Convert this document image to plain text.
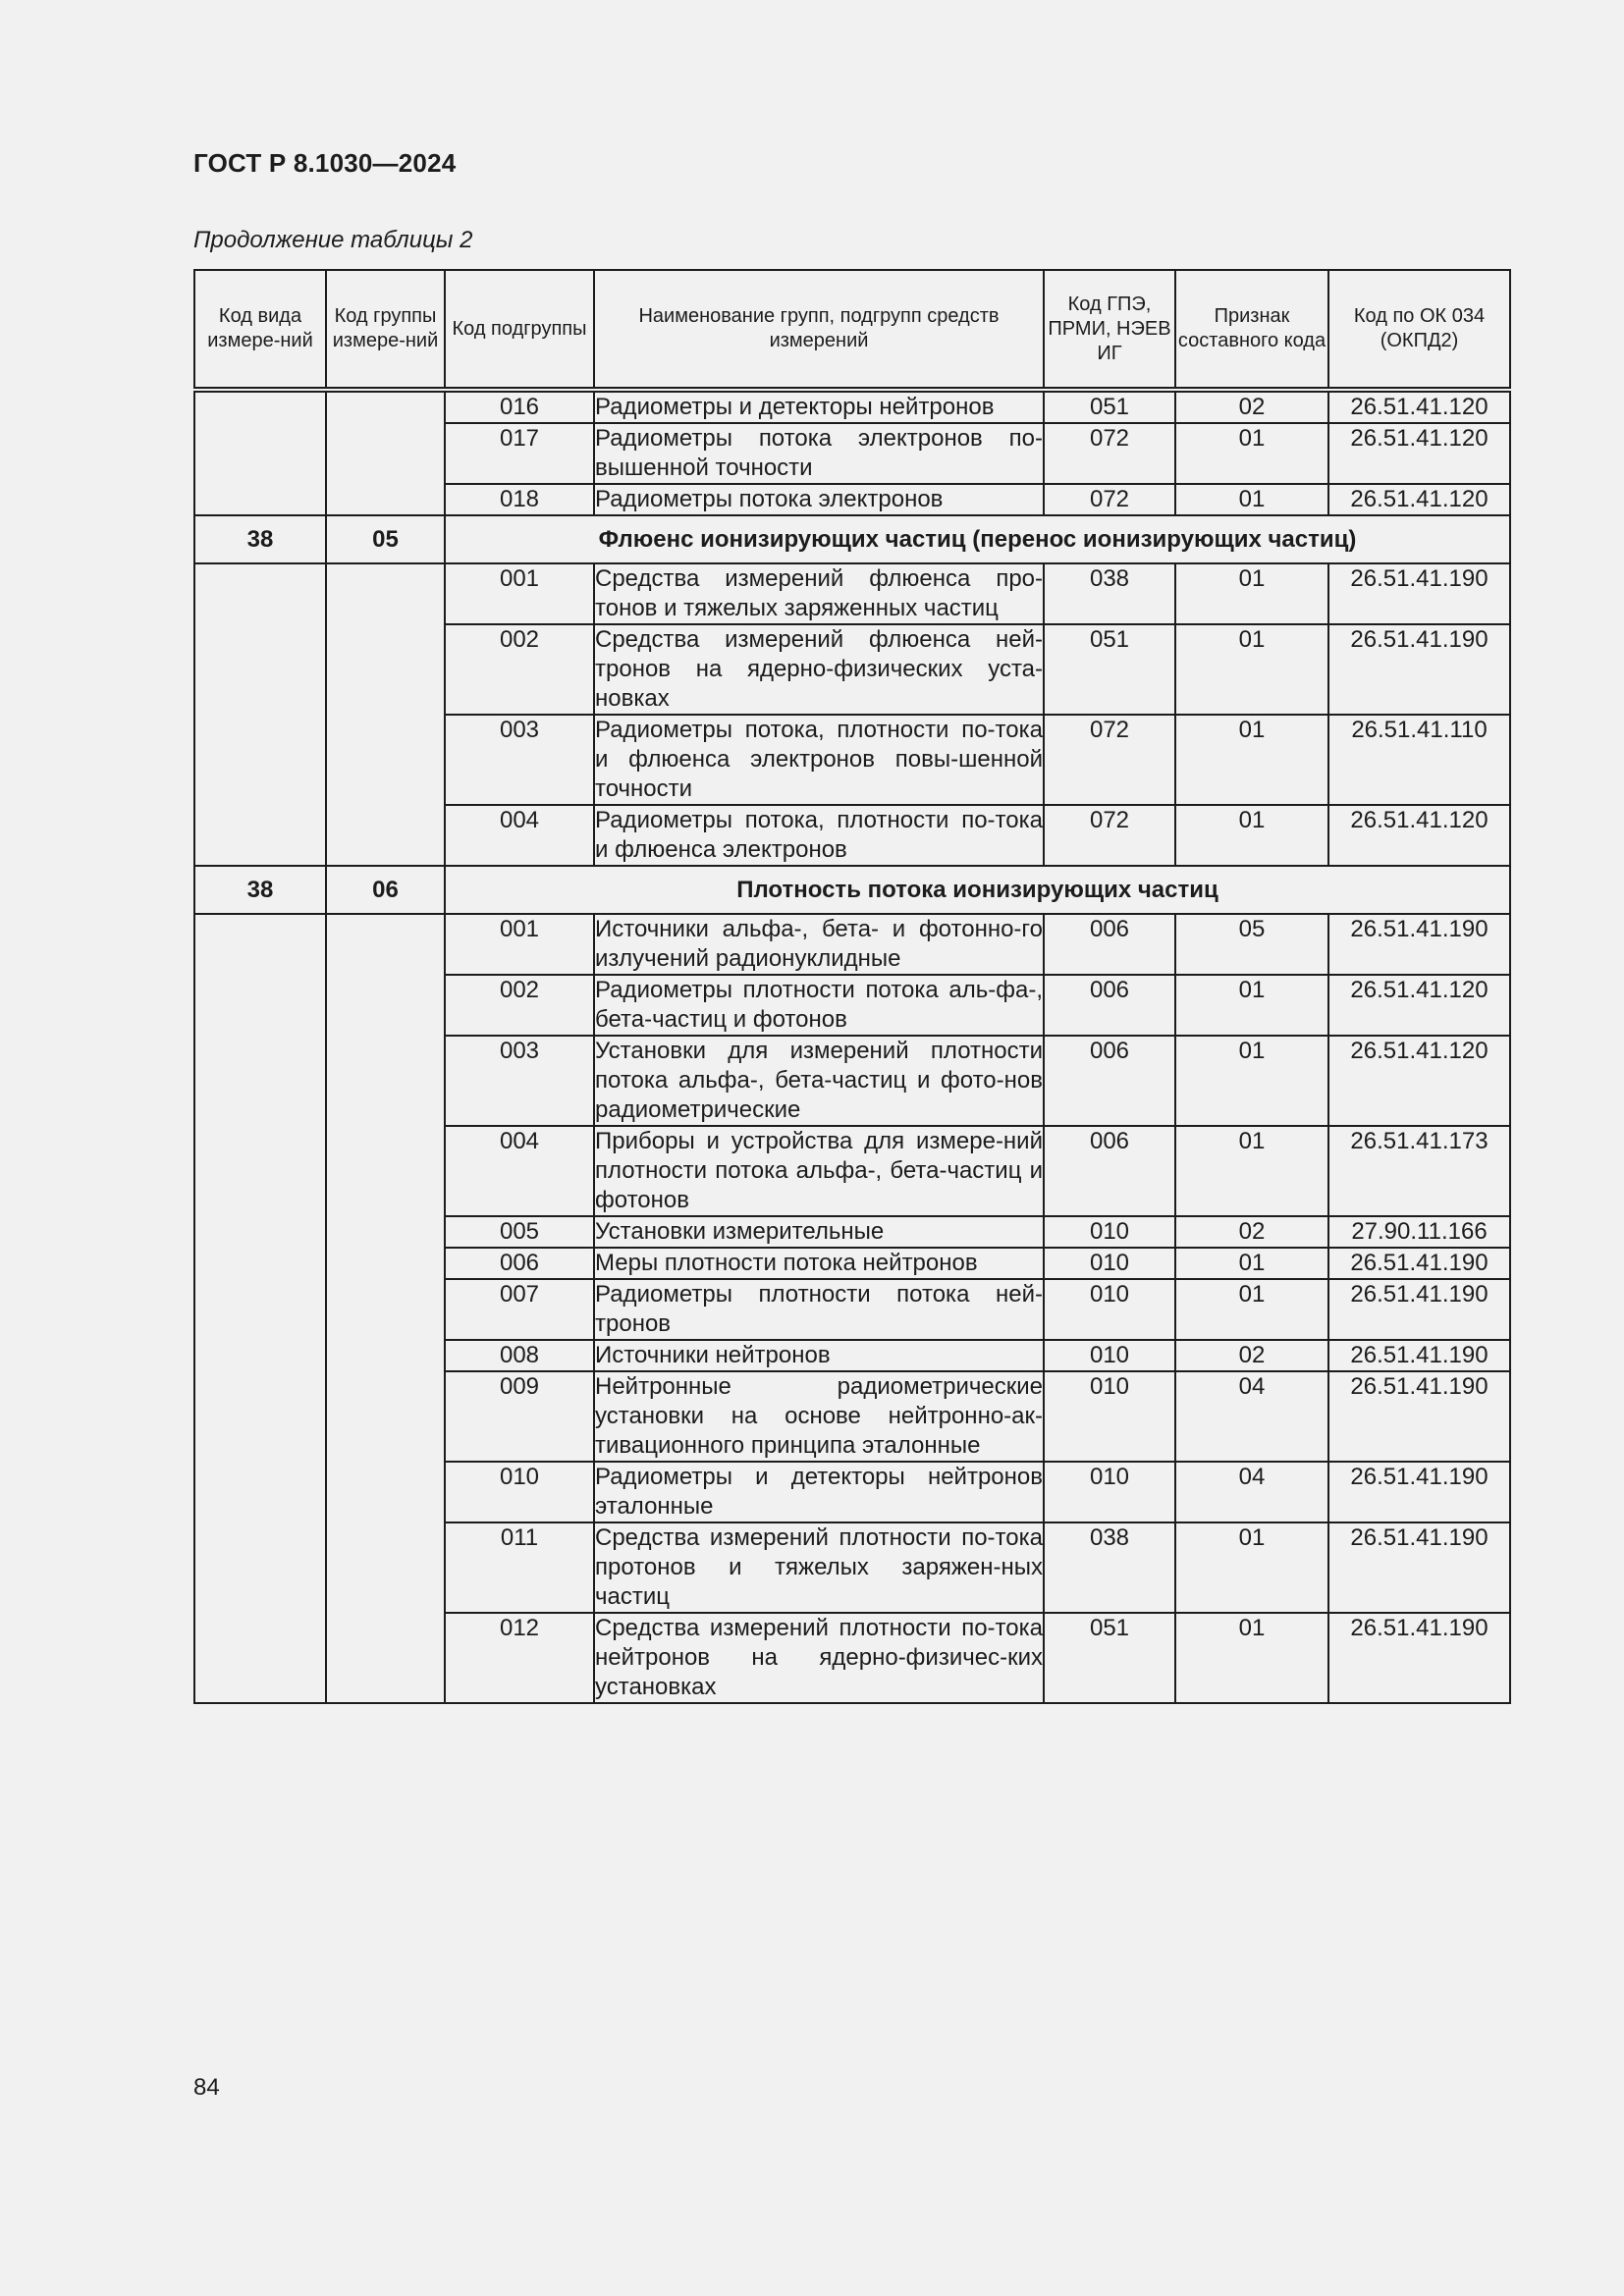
ГОСТ Р 8.1030—2024
Продолжение таблицы 2
Код вида измере-ний	Код группы измере-ний	Код подгруппы	Наименование групп, подгрупп средств измерений	Код ГПЭ, ПРМИ, НЭЕВ ИГ	Признак составного кода	Код по ОК 034 (ОКПД2)
		016	Радиометры и детекторы нейтронов	051	02	26.51.41.120
		017	Радиометры потока электронов по-вышенной точности	072	01	26.51.41.120
		018	Радиометры потока электронов	072	01	26.51.41.120
38	05	Флюенс ионизирующих частиц (перенос ионизирующих частиц)				
		001	Средства измерений флюенса про-тонов и тяжелых заряженных частиц	038	01	26.51.41.190
		002	Средства измерений флюенса ней-тронов на ядерно-физических уста-новках	051	01	26.51.41.190
		003	Радиометры потока, плотности по-тока и флюенса электронов повы-шенной точности	072	01	26.51.41.110
		004	Радиометры потока, плотности по-тока и флюенса электронов	072	01	26.51.41.120
38	06	Плотность потока ионизирующих частиц				
		001	Источники альфа-, бета- и фотонно-го излучений радионуклидные	006	05	26.51.41.190
		002	Радиометры плотности потока аль-фа-, бета-частиц и фотонов	006	01	26.51.41.120
		003	Установки для измерений плотности потока альфа-, бета-частиц и фото-нов радиометрические	006	01	26.51.41.120
		004	Приборы и устройства для измере-ний плотности потока альфа-, бета-частиц и фотонов	006	01	26.51.41.173
		005	Установки измерительные	010	02	27.90.11.166
		006	Меры плотности потока нейтронов	010	01	26.51.41.190
		007	Радиометры плотности потока ней-тронов	010	01	26.51.41.190
		008	Источники нейтронов	010	02	26.51.41.190
		009	Нейтронные радиометрические установки на основе нейтронно-ак-тивационного принципа эталонные	010	04	26.51.41.190
		010	Радиометры и детекторы нейтронов эталонные	010	04	26.51.41.190
		011	Средства измерений плотности по-тока протонов и тяжелых заряжен-ных частиц	038	01	26.51.41.190
		012	Средства измерений плотности по-тока нейтронов на ядерно-физичес-ких установках	051	01	26.51.41.190
84
